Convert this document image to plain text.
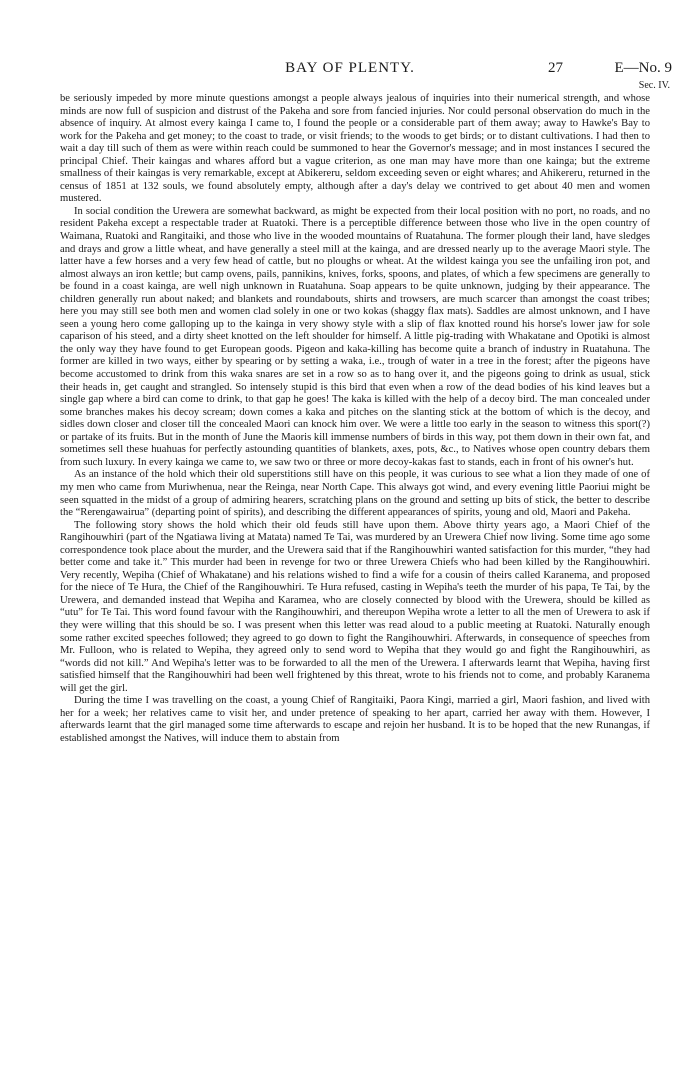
BAY OF PLENTY.	27	E—No. 9
Sec. IV.

be seriously impeded by more minute questions amongst a people always jealous of inquiries into their numerical strength, and whose minds are now full of suspicion and distrust of the Pakeha and sore from fancied injuries. Nor could personal observation do much in the absence of inquiry. At almost every kainga I came to, I found the people or a considerable part of them away; away to Hawke's Bay to work for the Pakeha and get money; to the coast to trade, or visit friends; to the woods to get birds; or to distant cultivations. I had then to wait a day till such of them as were within reach could be summoned to hear the Governor's message; and in most instances I secured the principal Chief. Their kaingas and whares afford but a vague criterion, as one man may have more than one kainga; but the extreme smallness of their kaingas is very remarkable, except at Abikereru, seldom exceeding seven or eight whares; and Ahikereru, returned in the census of 1851 at 132 souls, we found absolutely empty, although after a day's delay we contrived to get about 40 men and women mustered.

In social condition the Urewera are somewhat backward, as might be expected from their local position with no port, no roads, and no resident Pakeha except a respectable trader at Ruatoki. There is a perceptible difference between those who live in the open country of Waimana, Ruatoki and Rangitaiki, and those who live in the wooded mountains of Ruatahuna. The former plough their land, have sledges and drays and grow a little wheat, and have generally a steel mill at the kainga, and are dressed nearly up to the average Maori style. The latter have a few horses and a very few head of cattle, but no ploughs or wheat. At the wildest kainga you see the unfailing iron pot, and almost always an iron kettle; but camp ovens, pails, pannikins, knives, forks, spoons, and plates, of which a few specimens are generally to be found in a coast kainga, are well nigh unknown in Ruatahuna. Soap appears to be quite unknown, judging by their appearance. The children generally run about naked; and blankets and roundabouts, shirts and trowsers, are much scarcer than amongst the coast tribes; here you may still see both men and women clad solely in one or two kokas (shaggy flax mats). Saddles are almost unknown, and I have seen a young hero come galloping up to the kainga in very showy style with a slip of flax knotted round his horse's lower jaw for sole caparison of his steed, and a dirty sheet knotted on the left shoulder for himself. A little pig-trading with Whakatane and Opotiki is almost the only way they have found to get European goods. Pigeon and kaka-killing has become quite a branch of industry in Ruatahuna. The former are killed in two ways, either by spearing or by setting a waka, i.e., trough of water in a tree in the forest; after the pigeons have become accustomed to drink from this waka snares are set in a row so as to hang over it, and the pigeons going to drink as usual, stick their heads in, get caught and strangled. So intensely stupid is this bird that even when a row of the dead bodies of his kind leaves but a single gap where a bird can come to drink, to that gap he goes! The kaka is killed with the help of a decoy bird. The man concealed under some branches makes his decoy scream; down comes a kaka and pitches on the slanting stick at the bottom of which is the decoy, and sidles down closer and closer till the concealed Maori can knock him over. We were a little too early in the season to witness this sport(?) or partake of its fruits. But in the month of June the Maoris kill immense numbers of birds in this way, pot them down in their own fat, and sometimes sell these huahuas for perfectly astounding quantities of blankets, axes, pots, &c., to Natives whose open country debars them from such luxury. In every kainga we came to, we saw two or three or more decoy-kakas fast to stands, each in front of his owner's hut.

As an instance of the hold which their old superstitions still have on this people, it was curious to see what a lion they made of one of my men who came from Muriwhenua, near the Reinga, near North Cape. This always got wind, and every evening little Paoriui might be seen squatted in the midst of a group of admiring hearers, scratching plans on the ground and setting up bits of stick, the better to describe the “Rerengawairua” (departing point of spirits), and describing the different appearances of spirits, young and old, Maori and Pakeha.

The following story shows the hold which their old feuds still have upon them. Above thirty years ago, a Maori Chief of the Rangihouwhiri (part of the Ngatiawa living at Matata) named Te Tai, was murdered by an Urewera Chief now living. Some time ago some correspondence took place about the murder, and the Urewera said that if the Rangihouwhiri wanted satisfaction for this murder, “they had better come and take it.” This murder had been in revenge for two or three Urewera Chiefs who had been killed by the Rangihouwhiri. Very recently, Wepiha (Chief of Whakatane) and his relations wished to find a wife for a cousin of theirs called Karanema, and proposed for the niece of Te Hura, the Chief of the Rangihouwhiri. Te Hura refused, casting in Wepiha's teeth the murder of his papa, Te Tai, by the Urewera, and demanded instead that Wepiha and Karamea, who are closely connected by blood with the Urewera, should be killed as “utu” for Te Tai. This word found favour with the Rangihouwhiri, and thereupon Wepiha wrote a letter to all the men of Urewera to ask if they were willing that this should be so. I was present when this letter was read aloud to a public meeting at Ruatoki. Naturally enough some rather excited speeches followed; they agreed to go down to fight the Rangihouwhiri. Afterwards, in consequence of speeches from Mr. Fulloon, who is related to Wepiha, they agreed only to send word to Wepiha that they would go and fight the Rangihouwhiri, as “words did not kill.” And Wepiha's letter was to be forwarded to all the men of the Urewera. I afterwards learnt that Wepiha, having first satisfied himself that the Rangihouwhiri had been well frightened by this threat, wrote to his friends not to come, and probably Karanema will get the girl.

During the time I was travelling on the coast, a young Chief of Rangitaiki, Paora Kingi, married a girl, Maori fashion, and lived with her for a week; her relatives came to visit her, and under pretence of speaking to her apart, carried her away with them. However, I afterwards learnt that the girl managed some time afterwards to escape and rejoin her husband. It is to be hoped that the new Runangas, if established amongst the Natives, will induce them to abstain from
